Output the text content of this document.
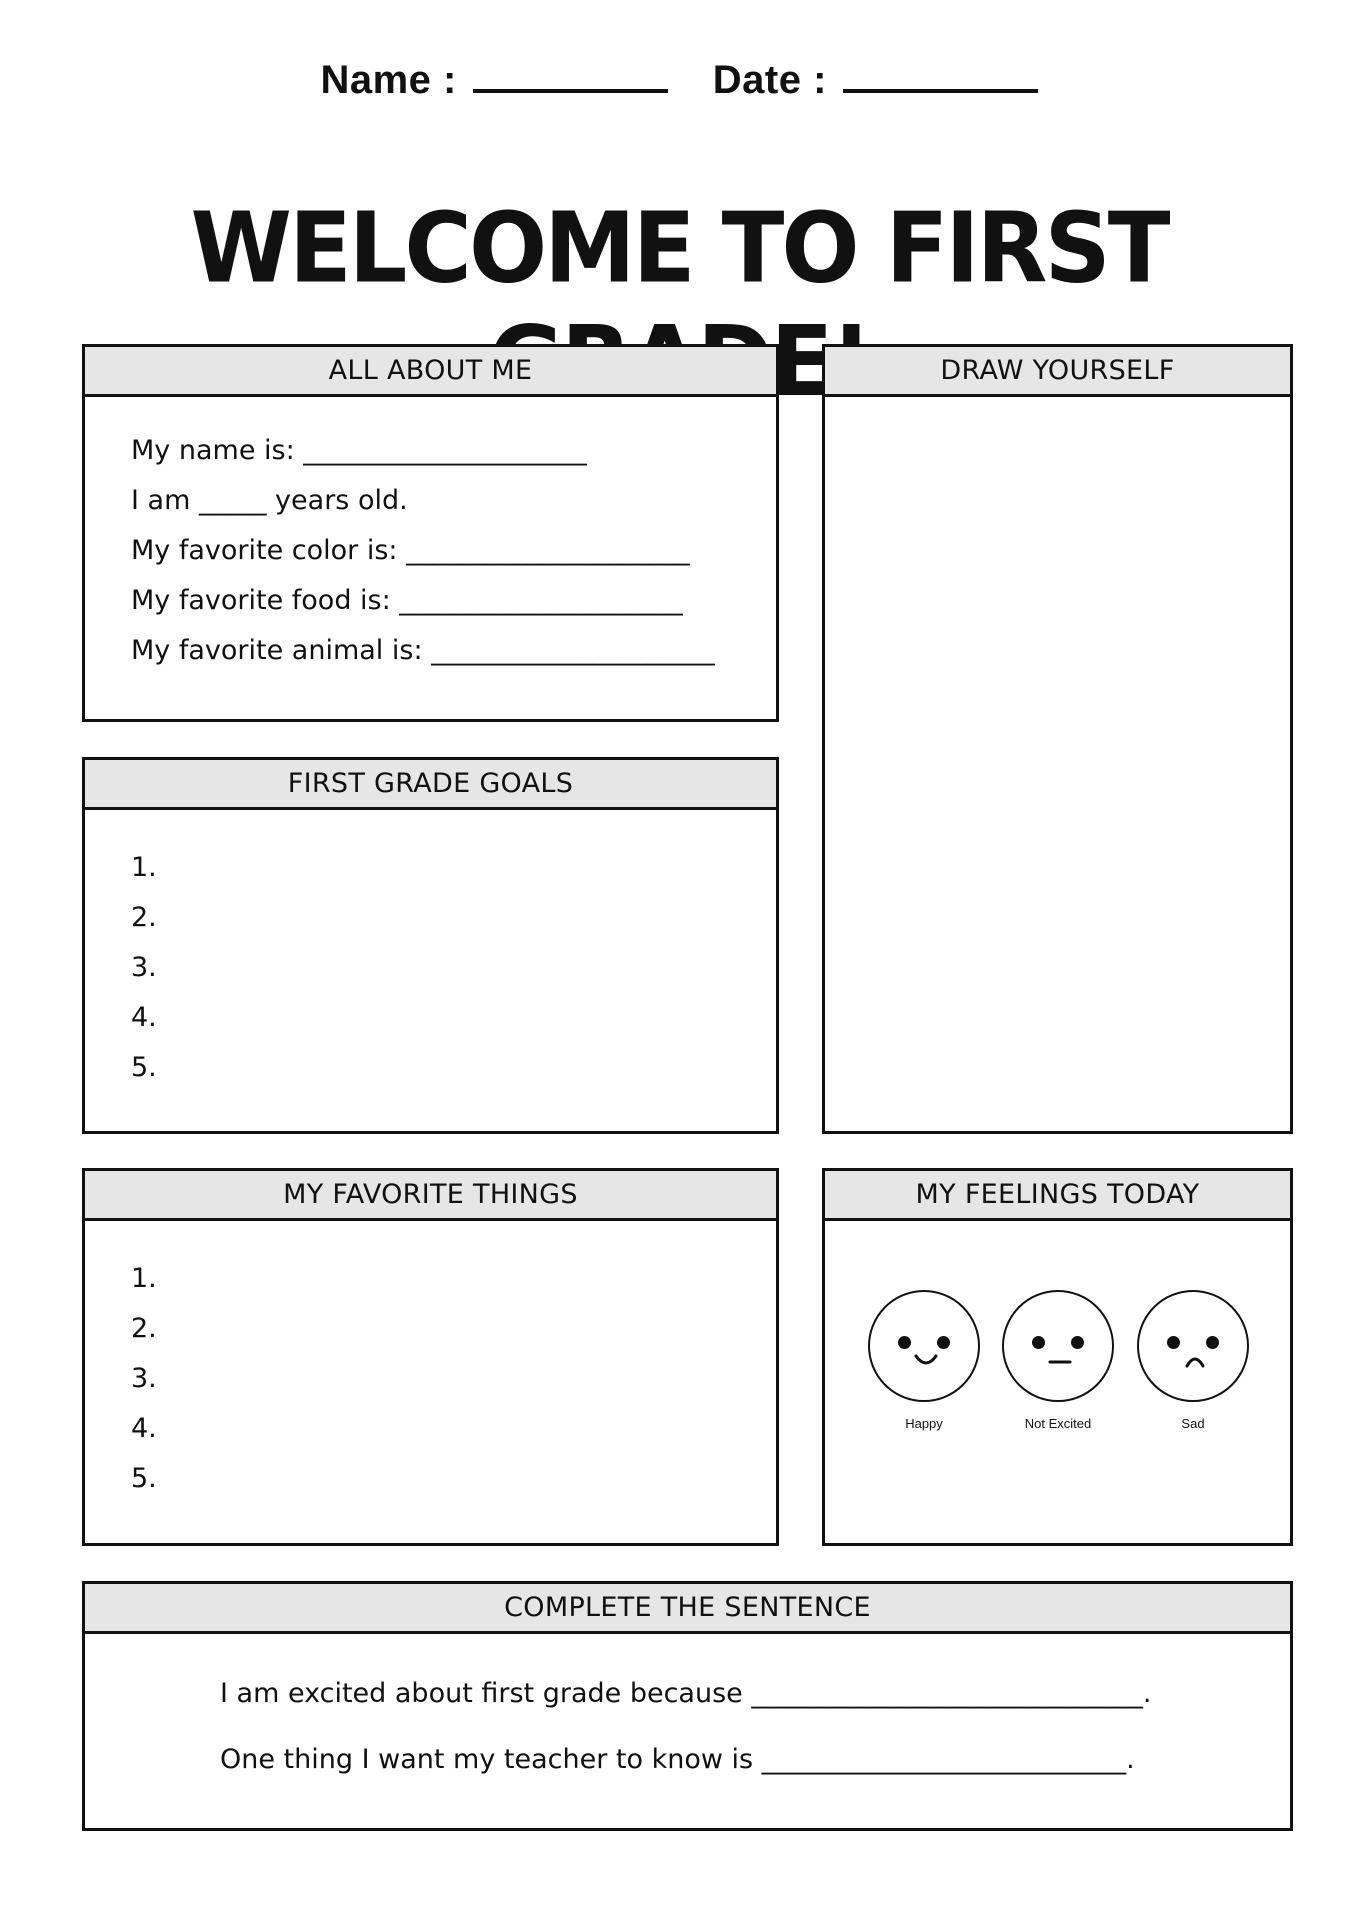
Name :	Date :
WELCOME TO FIRST
ALL ABOUT ME
My name is: _____________________
I am _____ years old.
My favorite color is: _____________________
My favorite food is: _____________________
My favorite animal is: _____________________
DRAW YOURSELF
FIRST GRADE GOALS
1.
2.
3.
4.
5.
MY FAVORITE THINGS
1.
2.
3.
4.
5.
MY FEELINGS TODAY
Happy	Not Excited	Sad
COMPLETE THE SENTENCE
I am excited about first grade because _____________________________.
One thing I want my teacher to know is ___________________________.
